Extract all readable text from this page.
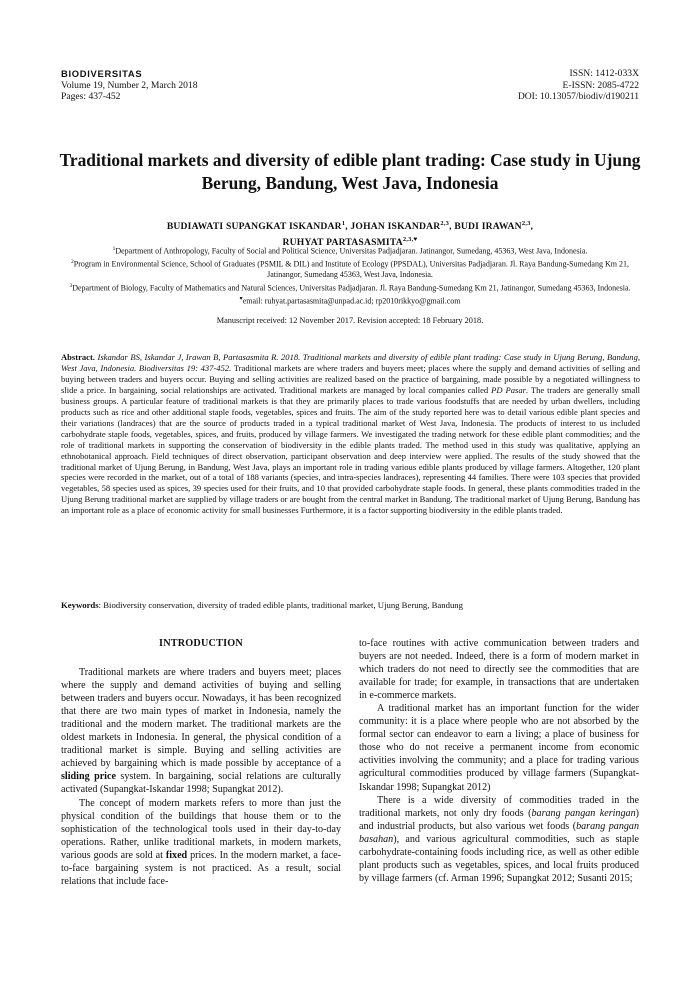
BIODIVERSITAS
Volume 19, Number 2, March 2018
Pages: 437-452
ISSN: 1412-033X
E-ISSN: 2085-4722
DOI: 10.13057/biodiv/d190211
Traditional markets and diversity of edible plant trading: Case study in Ujung Berung, Bandung, West Java, Indonesia
BUDIAWATI SUPANGKAT ISKANDAR$^1$, JOHAN ISKANDAR$^{2,3}$, BUDI IRAWAN$^{2,3}$,
RUHYAT $PARTASASMITA^{2,3,♥}$
$^1$Department of Anthropology, Faculty of Social and Political Science, Universitas Padjadjaran. Jatinangor, Sumedang, 45363, West Java, Indonesia.
$^2$Program in Environmental Science, School of Graduates (PSMIL & DIL) and Institute of Ecology (PPSDAL), Universitas Padjadjaran. Jl. Raya Bandung-Sumedang Km 21, Jatinangor, Sumedang 45363, West Java, Indonesia.
$^3$Department of Biology, Faculty of Mathematics and Natural Sciences, Universitas Padjadjaran. Jl. Raya Bandung-Sumedang Km 21, Jatinangor, Sumedang 45363, Indonesia. ♥email: ruhyat.partasasmita@unpad.ac.id; rp2010rikkyo@gmail.com
Manuscript received: 12 November 2017. Revision accepted: 18 February 2018.

Abstract. Iskandar BS, Iskandar J, Irawan B, Partasasmita R. 2018. Traditional markets and diversity of edible plant trading: Case study in Ujung Berung, Bandung, West Java, Indonesia. Biodiversitas 19: 437-452. Traditional markets are where traders and buyers meet; places where the supply and demand activities of selling and buying between traders and buyers occur. Buying and selling activities are realized based on the practice of bargaining, made possible by a negotiated willingness to slide a price. In bargaining, social relationships are activated. Traditional markets are managed by local companies called PD Pasar. The traders are generally small business groups. A particular feature of traditional markets is that they are primarily places to trade various foodstuffs that are needed by urban dwellers, including products such as rice and other additional staple foods, vegetables, spices and fruits. The aim of the study reported here was to detail various edible plant species and their variations (landraces) that are the source of products traded in a typical traditional market of West Java, Indonesia. The products of interest to us included carbohydrate staple foods, vegetables, spices, and fruits, produced by village farmers. We investigated the trading network for these edible plant commodities; and the role of traditional markets in supporting the conservation of biodiversity in the edible plants traded. The method used in this study was qualitative, applying an ethnobotanical approach. Field techniques of direct observation, participant observation and deep interview were applied. The results of the study showed that the traditional market of Ujung Berung, in Bandung, West Java, plays an important role in trading various edible plants produced by village farmers. Altogether, 120 plant species were recorded in the market, out of a total of 188 variants (species, and intra-species landraces), representing 44 families. There were 103 species that provided vegetables, 58 species used as spices, 39 species used for their fruits, and 10 that provided carbohydrate staple foods. In general, these plants commodities traded in the Ujung Berung traditional market are supplied by village traders or are bought from the central market in Bandung. The traditional market of Ujung Berung, Bandung has an important role as a place of economic activity for small businesses Furthermore, it is a factor supporting biodiversity in the edible plants traded.

Keywords: Biodiversity conservation, diversity of traded edible plants, traditional market, Ujung Berung, Bandung

INTRODUCTION

Traditional markets are where traders and buyers meet; places where the supply and demand activities of buying and selling between traders and buyers occur. Nowadays, it has been recognized that there are two main types of market in Indonesia, namely the traditional and the modern market. The traditional markets are the oldest markets in Indonesia. In general, the physical condition of a traditional market is simple. Buying and selling activities are achieved by bargaining which is made possible by acceptance of a sliding price system. In bargaining, social relations are culturally activated (Supangkat-Iskandar 1998; Supangkat 2012).

The concept of modern markets refers to more than just the physical condition of the buildings that house them or to the sophistication of the technological tools used in their day-to-day operations. Rather, unlike traditional markets, in modern markets, various goods are sold at fixed prices. In the modern market, a face-to-face bargaining system is not practiced. As a result, social relations that include face-

to-face routines with active communication between traders and buyers are not needed. Indeed, there is a form of modern market in which traders do not need to directly see the commodities that are available for trade; for example, in transactions that are undertaken in e-commerce markets.

A traditional market has an important function for the wider community: it is a place where people who are not absorbed by the formal sector can endeavor to earn a living; a place of business for those who do not receive a permanent income from economic activities involving the community; and a place for trading various agricultural commodities produced by village farmers (Supangkat-Iskandar 1998; Supangkat 2012)

There is a wide diversity of commodities traded in the traditional markets, not only dry foods (barang pangan keringan) and industrial products, but also various wet foods (barang pangan basahan), and various agricultural commodities, such as staple carbohydrate-containing foods including rice, as well as other edible plant products such as vegetables, spices, and local fruits produced by village farmers (cf. Arman 1996; Supangkat 2012; Susanti 2015;
